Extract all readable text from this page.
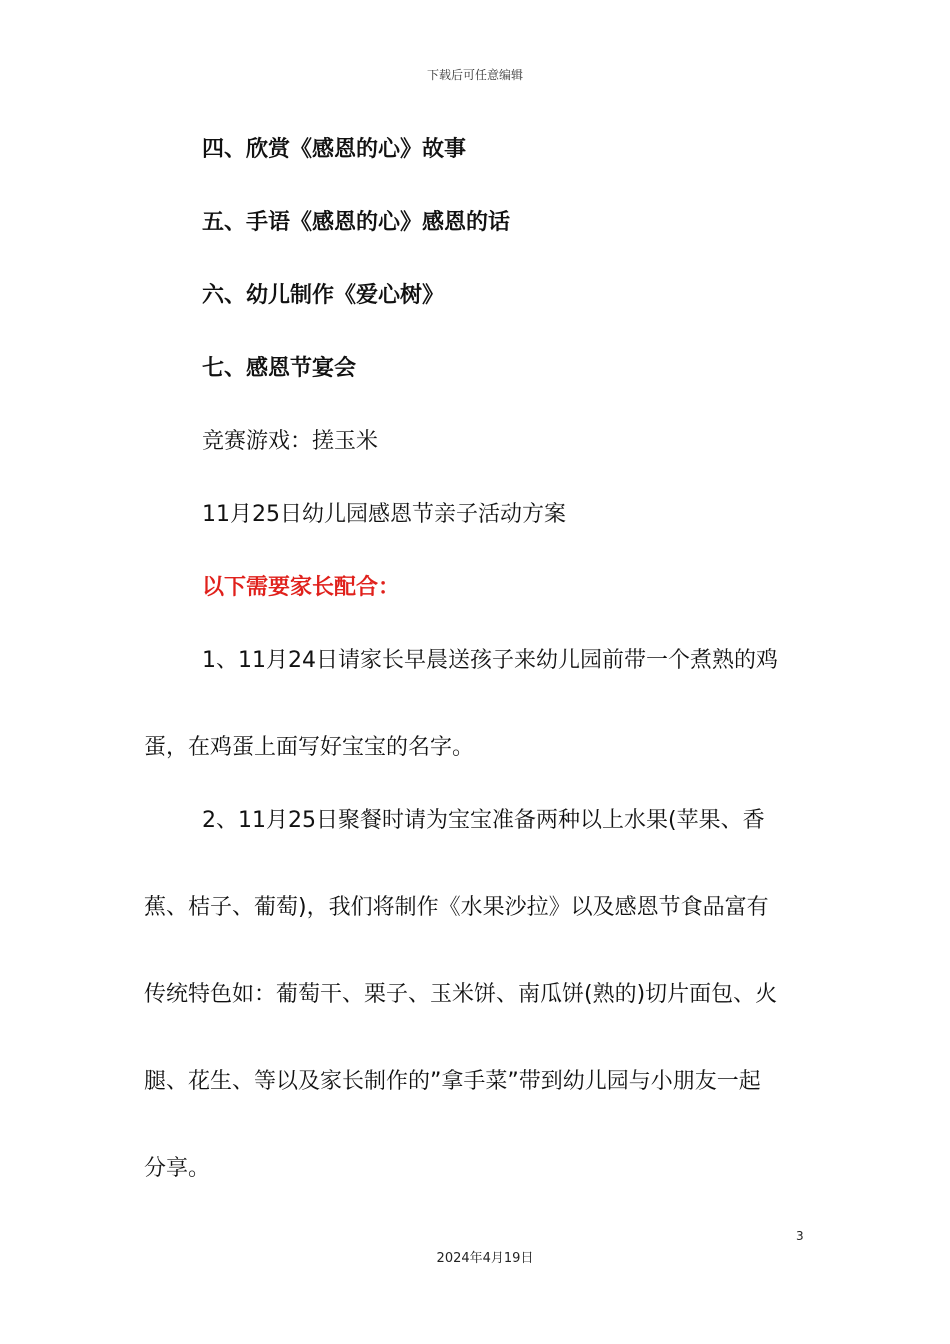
下载后可任意编辑
四、欣赏《感恩的心》故事
五、手语《感恩的心》感恩的话
六、幼儿制作《爱心树》
七、感恩节宴会
竞赛游戏：搓玉米
11月25日幼儿园感恩节亲子活动方案
以下需要家长配合：
1、11月24日请家长早晨送孩子来幼儿园前带一个煮熟的鸡
蛋，在鸡蛋上面写好宝宝的名字。
2、11月25日聚餐时请为宝宝准备两种以上水果(苹果、香
蕉、桔子、葡萄)，我们将制作《水果沙拉》以及感恩节食品富有
传统特色如：葡萄干、栗子、玉米饼、南瓜饼(熟的)切片面包、火
腿、花生、等以及家长制作的”拿手菜”带到幼儿园与小朋友一起
分享。
3
2024年4月19日
